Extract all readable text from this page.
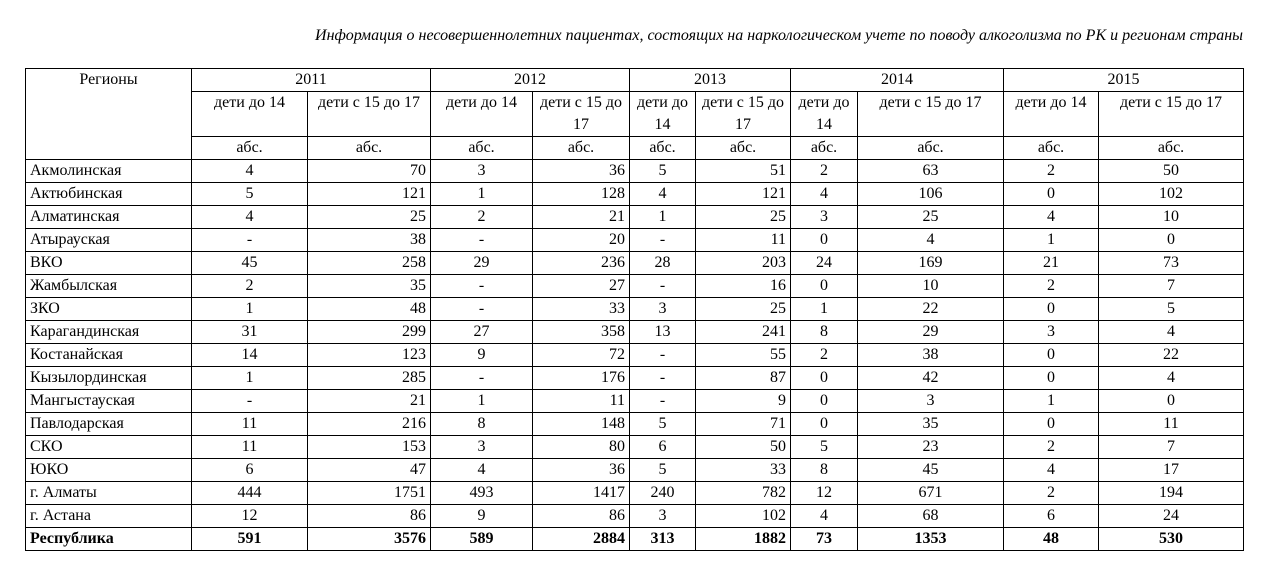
Информация о несовершеннолетних пациентах, состоящих на наркологическом учете по поводу алкоголизма по РК и регионам страны
Регионы	2011		2012		2013		2014		2015	
	дети до 14	дети с 15 до 17	дети до 14	дети с 15 до 17	дети до 14	дети с 15 до 17	дети до 14	дети с 15 до 17	дети до 14	дети с 15 до 17
	абс.	абс.	абс.	абс.	абс.	абс.	абс.	абс.	абс.	абс.
Акмолинская	4	70	3	36	5	51	2	63	2	50
Актюбинская	5	121	1	128	4	121	4	106	0	102
Алматинская	4	25	2	21	1	25	3	25	4	10
Атырауская	-	38	-	20	-	11	0	4	1	0
ВКО	45	258	29	236	28	203	24	169	21	73
Жамбылская	2	35	-	27	-	16	0	10	2	7
ЗКО	1	48	-	33	3	25	1	22	0	5
Карагандинская	31	299	27	358	13	241	8	29	3	4
Костанайская	14	123	9	72	-	55	2	38	0	22
Кызылординская	1	285	-	176	-	87	0	42	0	4
Мангыстауская	-	21	1	11	-	9	0	3	1	0
Павлодарская	11	216	8	148	5	71	0	35	0	11
СКО	11	153	3	80	6	50	5	23	2	7
ЮКО	6	47	4	36	5	33	8	45	4	17
г. Алматы	444	1751	493	1417	240	782	12	671	2	194
г. Астана	12	86	9	86	3	102	4	68	6	24
Республика	591	3576	589	2884	313	1882	73	1353	48	530
